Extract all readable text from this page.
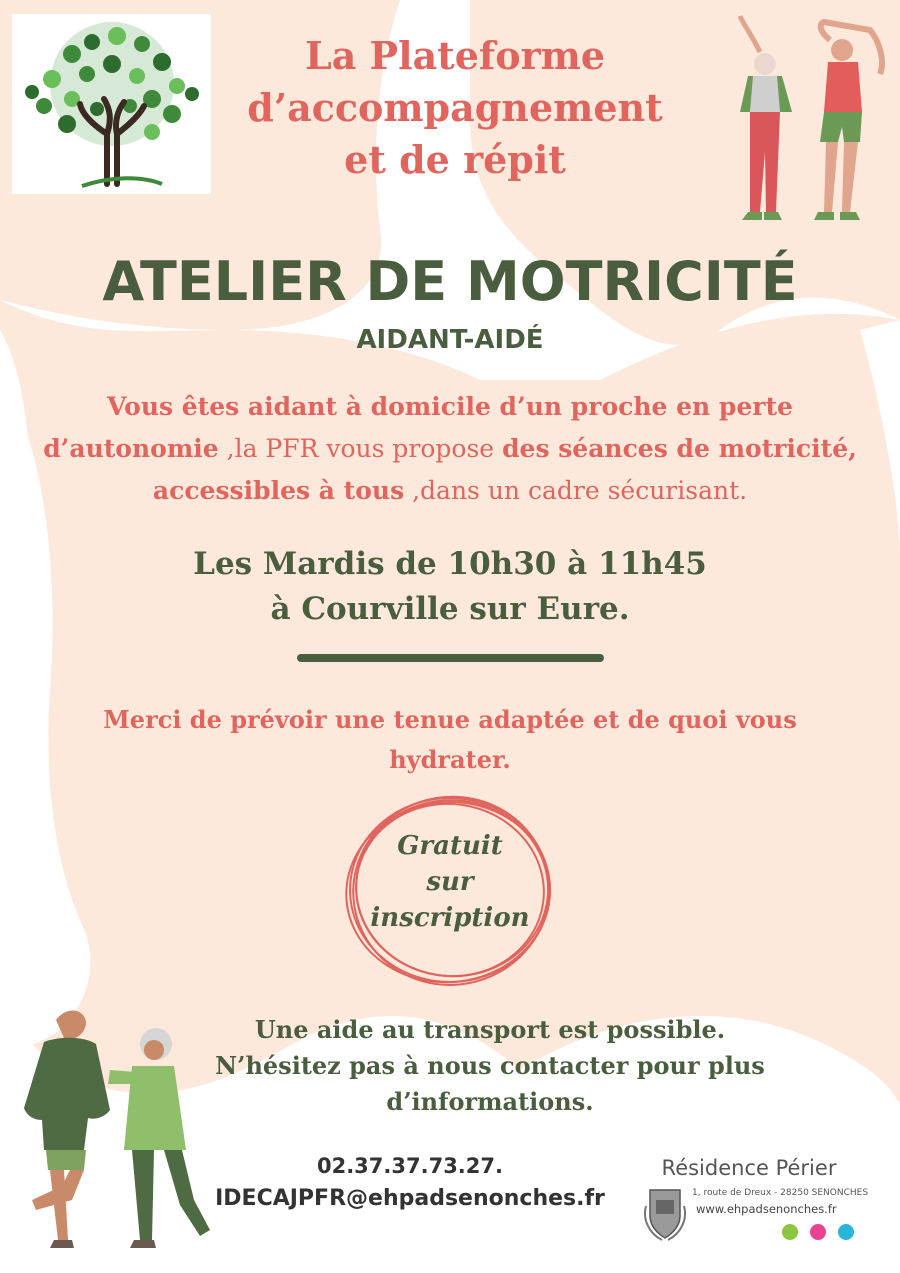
La Plateforme
d’accompagnement
et de répit
ATELIER DE MOTRICITÉ
AIDANT-AIDÉ
Vous êtes aidant à domicile d’un proche en perte d’autonomie ,la PFR vous propose des séances de motricité, accessibles à tous ,dans un cadre sécurisant.
Les Mardis de 10h30 à 11h45
à Courville sur Eure.
Merci de prévoir une tenue adaptée et de quoi vous hydrater.
Gratuit
sur
inscription
Une aide au transport est possible.
N’hésitez pas à nous contacter pour plus
d’informations.
02.37.37.73.27.
IDECAJPFR@ehpadsenonches.fr
Résidence Périer
1, route de Dreux - 28250 SENONCHES
www.ehpadsenonches.fr
